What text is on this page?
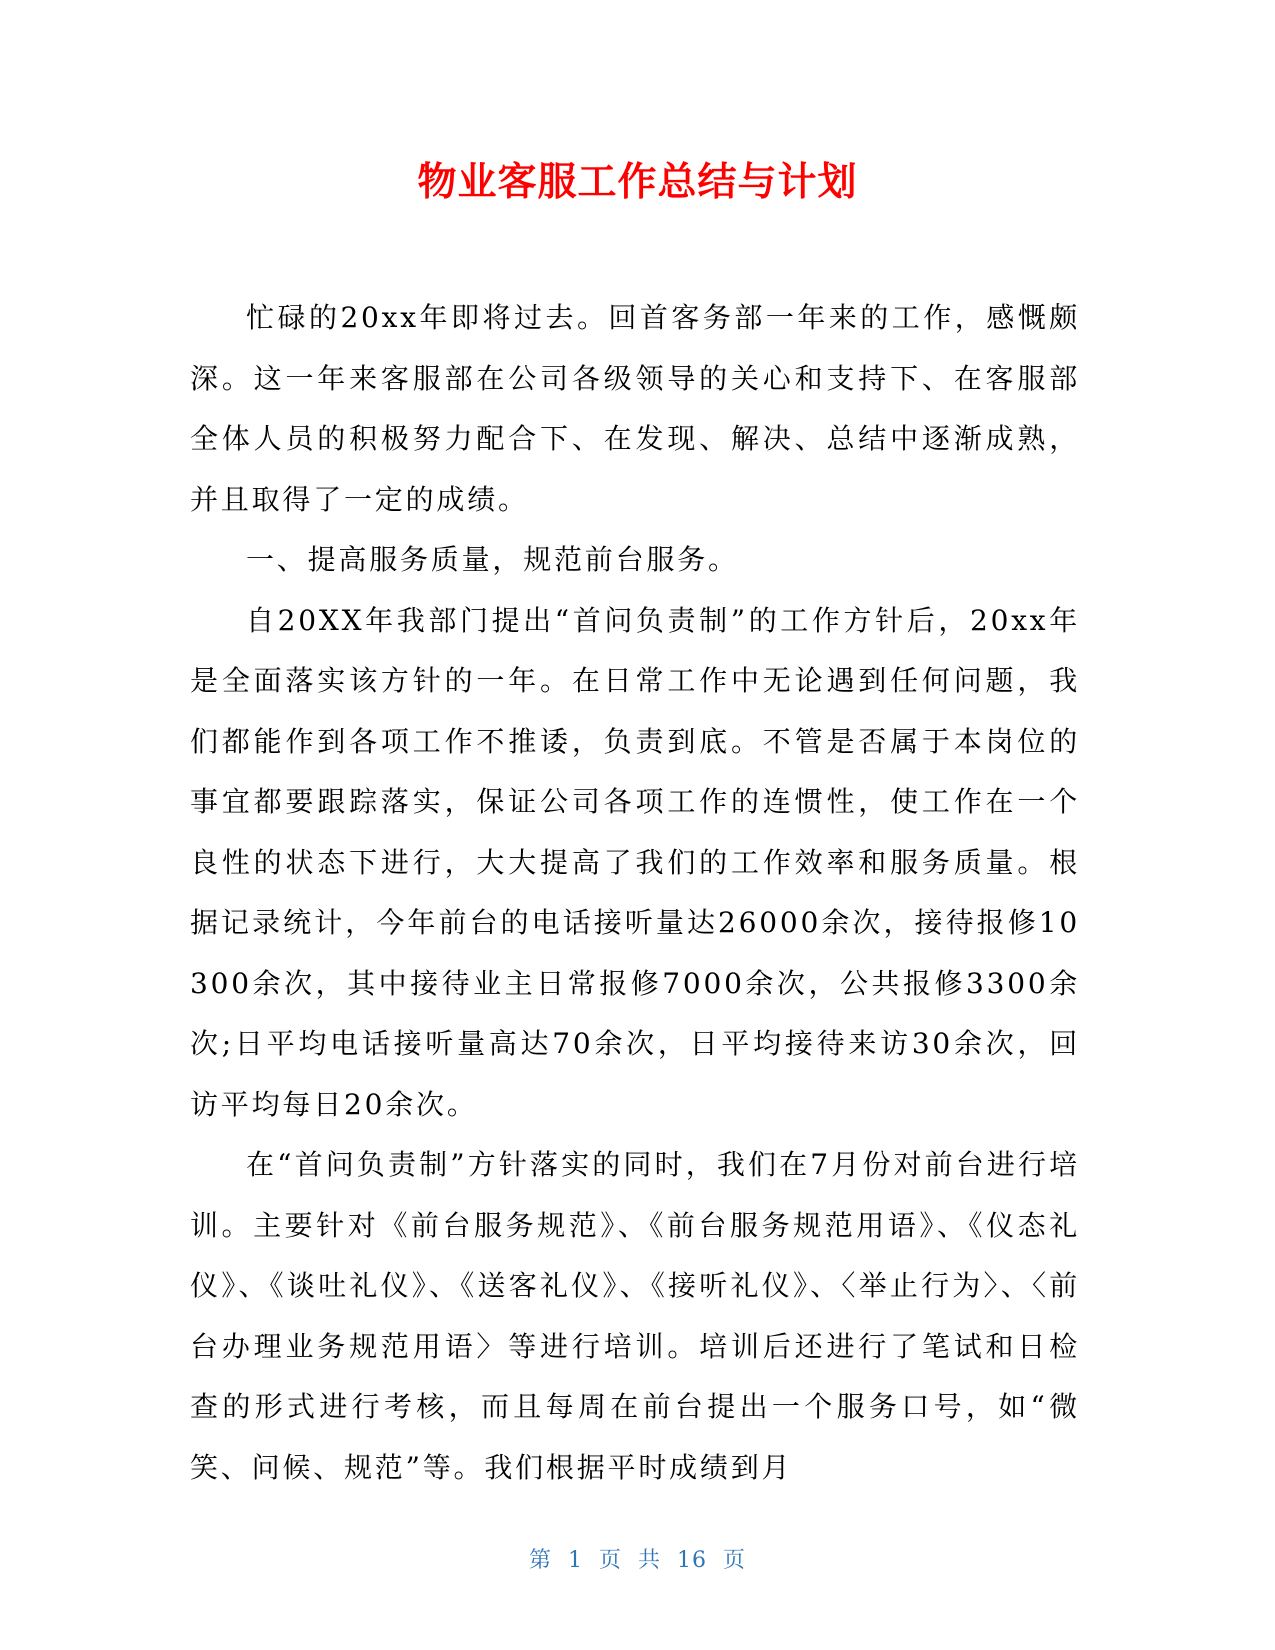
物业客服工作总结与计划

忙碌的20xx年即将过去。回首客务部一年来的工作，感慨颇深。这一年来客服部在公司各级领导的关心和支持下、在客服部全体人员的积极努力配合下、在发现、解决、总结中逐渐成熟，并且取得了一定的成绩。

一、提高服务质量，规范前台服务。

自20XX年我部门提出“首问负责制”的工作方针后，20xx年是全面落实该方针的一年。在日常工作中无论遇到任何问题，我们都能作到各项工作不推诿，负责到底。不管是否属于本岗位的事宜都要跟踪落实，保证公司各项工作的连惯性，使工作在一个良性的状态下进行，大大提高了我们的工作效率和服务质量。根据记录统计，今年前台的电话接听量达26000余次，接待报修10300余次，其中接待业主日常报修7000余次，公共报修3300余次;日平均电话接听量高达70余次，日平均接待来访30余次，回访平均每日20余次。

在“首问负责制”方针落实的同时，我们在7月份对前台进行培训。主要针对《前台服务规范》、《前台服务规范用语》、《仪态礼仪》、《谈吐礼仪》、《送客礼仪》、《接听礼仪》、〈举止行为〉、〈前台办理业务规范用语〉等进行培训。培训后还进行了笔试和日检查的形式进行考核，而且每周在前台提出一个服务口号，如“微笑、问候、规范”等。我们根据平时成绩到月

第 1 页 共 16 页
